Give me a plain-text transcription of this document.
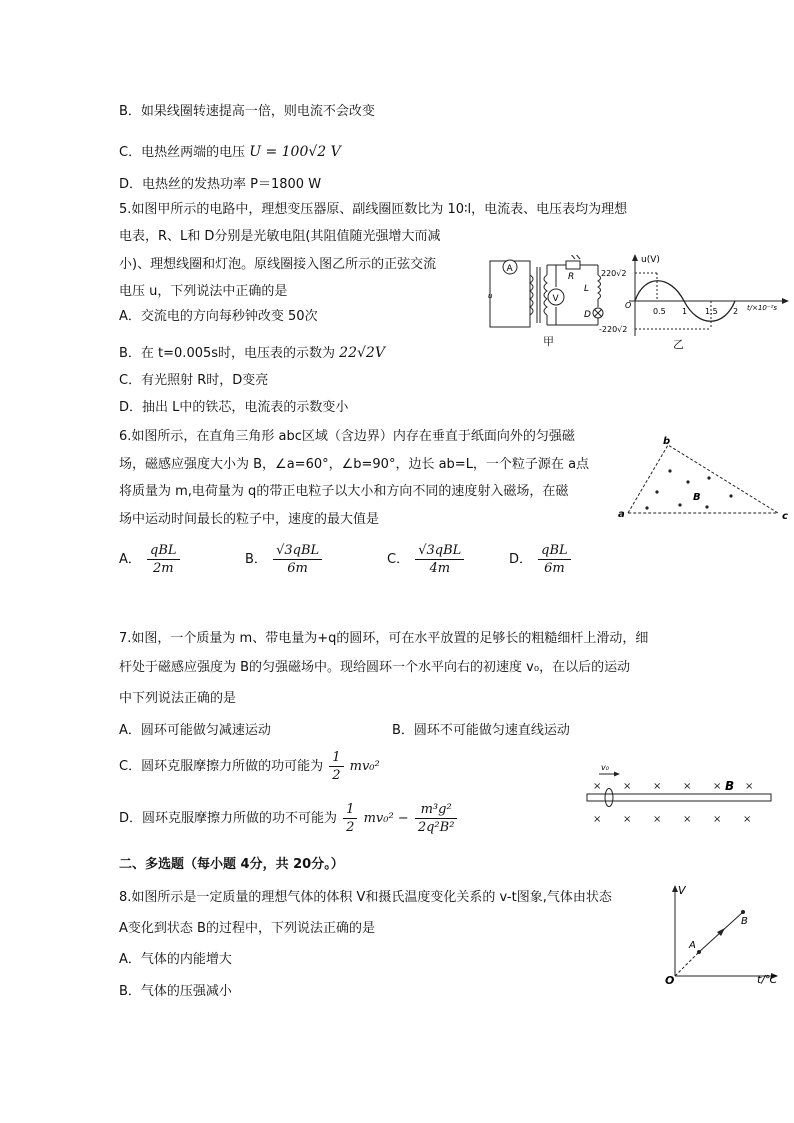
B．如果线圈转速提高一倍，则电流不会改变
C．电热丝两端的电压 U = 100√2 V
D．电热丝的发热功率 P＝1800 W
5.如图甲所示的电路中，理想变压器原、副线圈匝数比为 10∶l，电流表、电压表均为理想
电表，R、L和 D分别是光敏电阻(其阻值随光强增大而减
小)、理想线圈和灯泡。原线圈接入图乙所示的正弦交流
电压 u，下列说法中正确的是
A．交流电的方向每秒钟改变 50次
B．在 t=0.005s时，电压表的示数为 22√2V
C．有光照射 R时，D变亮
D．抽出 L中的铁芯，电流表的示数变小
A
u	V
R
L
D
甲
u(V)
220√2
-220√2
O
0.5 1 1.5 2 t/×10⁻²s
乙
6.如图所示，在直角三角形 abc区域（含边界）内存在垂直于纸面向外的匀强磁
场，磁感应强度大小为 B，∠a=60°，∠b=90°，边长 ab=L，一个粒子源在 a点
将质量为 m,电荷量为 q的带正电粒子以大小和方向不同的速度射入磁场，在磁
场中运动时间最长的粒子中，速度的最大值是
A． $\frac{\text{qBL}}{2m}$	B． $\frac{\text{√3qBL}}{6m}$	C． $\frac{\text{√3qBL}}{4m}$	D． $\frac{\text{qBL}}{6m}$
b
a	c
B
7.如图，一个质量为 m、带电量为+q的圆环，可在水平放置的足够长的粗糙细杆上滑动，细
杆处于磁感应强度为 B的匀强磁场中。现给圆环一个水平向右的初速度 v₀，在以后的运动
中下列说法正确的是
A．圆环可能做匀减速运动	B．圆环不可能做匀速直线运动
C．圆环克服摩擦力所做的功可能为 $\frac{1}{2} mv_0^2$
D．圆环克服摩擦力所做的功不可能为 $\frac{1}{2} mv_0^2 - \frac{\text{m³g²}}{\text{2q²B²}}$
v₀
B
× × × × × ×
× × × × × ×
二、多选题（每小题 4分，共 20分。）
8.如图所示是一定质量的理想气体的体积 V和摄氏温度变化关系的 v-t图象,气体由状态
A变化到状态 B的过程中，下列说法正确的是
A．气体的内能增大
B．气体的压强减小
V
t/℃
O
A
B
